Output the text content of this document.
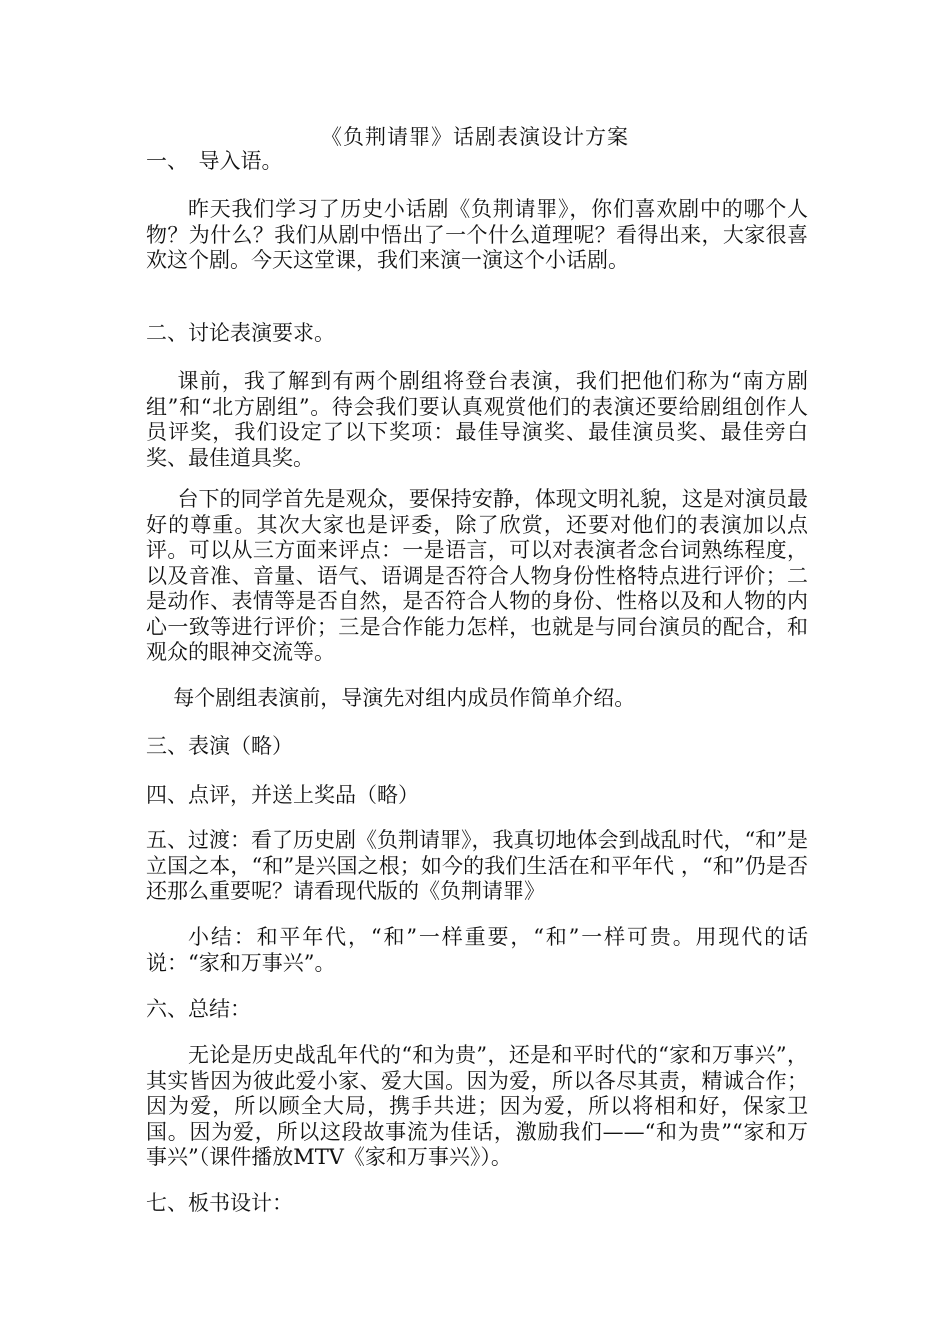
《负荆请罪》话剧表演设计方案

一、　导入语。

昨天我们学习了历史小话剧《负荆请罪》，你们喜欢剧中的哪个人物？为什么？我们从剧中悟出了一个什么道理呢？看得出来，大家很喜欢这个剧。今天这堂课，我们来演一演这个小话剧。

二、讨论表演要求。

课前，我了解到有两个剧组将登台表演，我们把他们称为“南方剧组”和“北方剧组”。待会我们要认真观赏他们的表演还要给剧组创作人员评奖，我们设定了以下奖项：最佳导演奖、最佳演员奖、最佳旁白奖、最佳道具奖。

台下的同学首先是观众，要保持安静，体现文明礼貌，这是对演员最好的尊重。其次大家也是评委，除了欣赏，还要对他们的表演加以点评。可以从三方面来评点：一是语言，可以对表演者念台词熟练程度，以及音准、音量、语气、语调是否符合人物身份性格特点进行评价；二是动作、表情等是否自然，是否符合人物的身份、性格以及和人物的内心一致等进行评价；三是合作能力怎样，也就是与同台演员的配合，和观众的眼神交流等。

每个剧组表演前，导演先对组内成员作简单介绍。

三、表演（略）

四、点评，并送上奖品（略）

五、过渡：看了历史剧《负荆请罪》，我真切地体会到战乱时代，“和”是立国之本，“和”是兴国之根；如今的我们生活在和平年代 ，“和”仍是否还那么重要呢？请看现代版的《负荆请罪》

小结：和平年代，“和”一样重要，“和”一样可贵。用现代的话说：“家和万事兴”。

六、总结：

无论是历史战乱年代的“和为贵”，还是和平时代的“家和万事兴”，其实皆因为彼此爱小家、爱大国。因为爱，所以各尽其责，精诚合作；因为爱，所以顾全大局，携手共进；因为爱，所以将相和好，保家卫国。因为爱，所以这段故事流为佳话，激励我们——“和为贵”“家和万事兴”（课件播放MTV《家和万事兴》）。

七、板书设计：
